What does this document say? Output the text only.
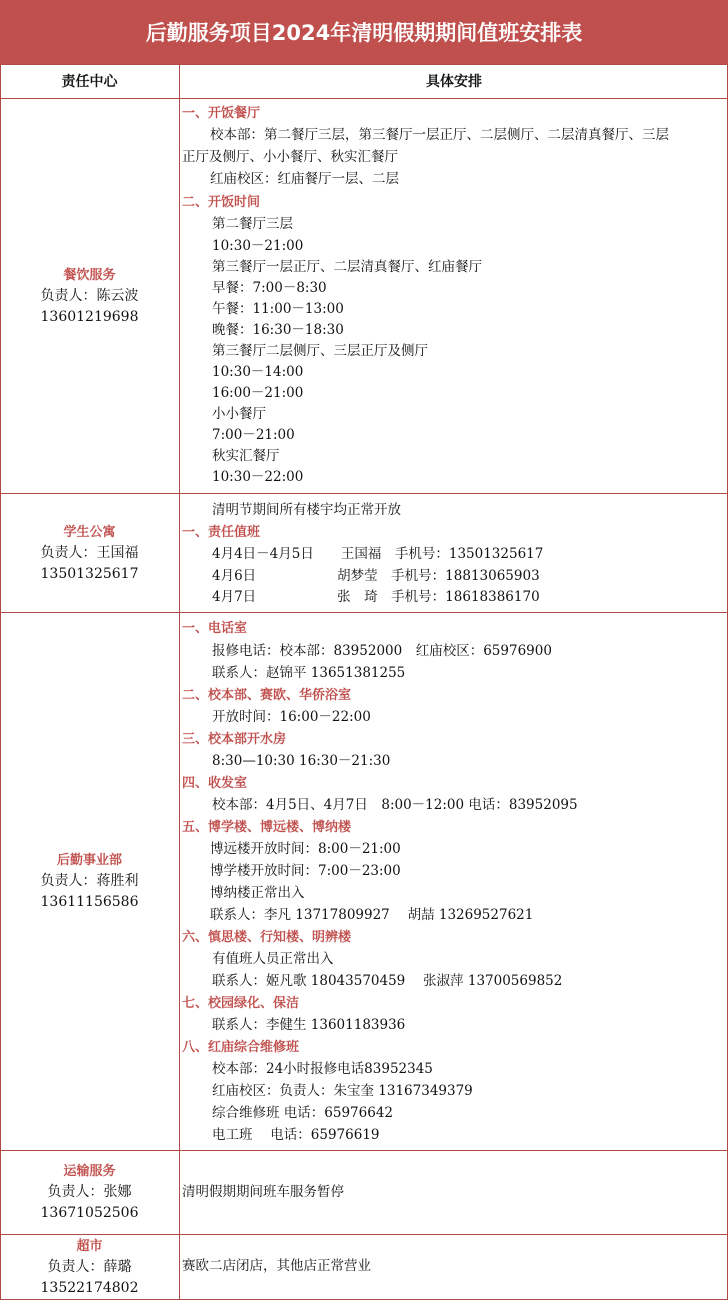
后勤服务项目2024年清明假期期间值班安排表
责任中心	具体安排
餐饮服务
负责人：陈云波
13601219698
一、开饭餐厅
校本部：第二餐厅三层，第三餐厅一层正厅、二层侧厅、二层清真餐厅、三层
正厅及侧厅、小小餐厅、秋实汇餐厅
红庙校区：红庙餐厅一层、二层
二、开饭时间
第二餐厅三层
10:30－21:00
第三餐厅一层正厅、二层清真餐厅、红庙餐厅
早餐：7:00－8:30
午餐：11:00－13:00
晚餐：16:30－18:30
第三餐厅二层侧厅、三层正厅及侧厅
10:30－14:00
16:00－21:00
小小餐厅
7:00－21:00
秋实汇餐厅
10:30－22:00
学生公寓
负责人：王国福
13501325617
清明节期间所有楼宇均正常开放
一、责任值班
4月4日－4月5日　　王国福　手机号：13501325617
4月6日　　　　　　胡梦莹　手机号：18813065903
4月7日　　　　　　张　琦　手机号：18618386170
后勤事业部
负责人：蒋胜利
13611156586
一、电话室
报修电话：校本部：83952000　红庙校区：65976900
联系人：赵锦平 13651381255
二、校本部、赛欧、华侨浴室
开放时间：16:00－22:00
三、校本部开水房
8:30—10:30 16:30－21:30
四、收发室
校本部：4月5日、4月7日　8:00－12:00 电话：83952095
五、博学楼、博远楼、博纳楼
博远楼开放时间：8:00－21:00
博学楼开放时间：7:00－23:00
博纳楼正常出入
联系人：李凡 13717809927　 胡喆 13269527621
六、慎思楼、行知楼、明辨楼
有值班人员正常出入
联系人：姬凡歌 18043570459　 张淑萍 13700569852
七、校园绿化、保洁
联系人：李健生 13601183936
八、红庙综合维修班
校本部：24小时报修电话83952345
红庙校区：负责人：朱宝奎 13167349379
综合维修班 电话：65976642
电工班　 电话：65976619
运输服务
负责人：张娜
13671052506
清明假期期间班车服务暂停
超市
负责人：薛璐
13522174802
赛欧二店闭店，其他店正常营业
